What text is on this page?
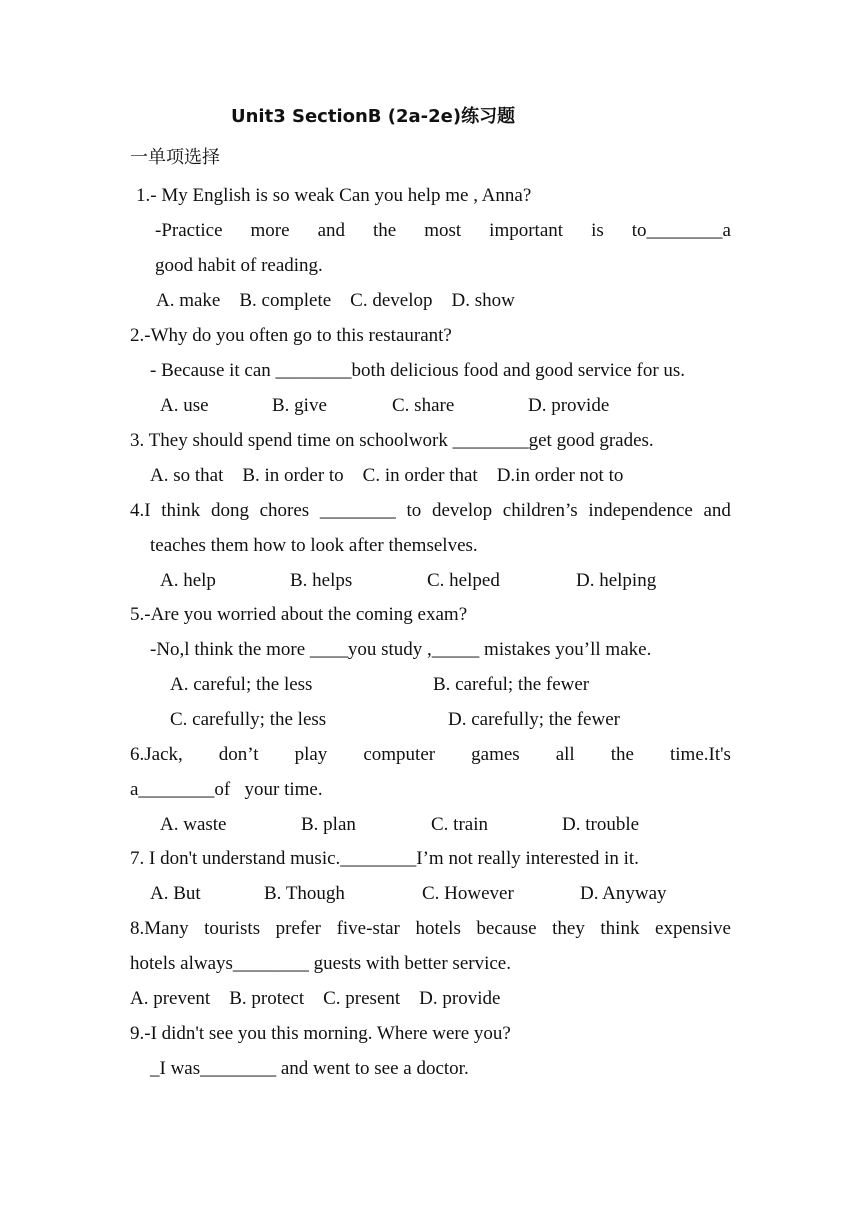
Unit3 SectionB (2a-2e)练习题
一单项选择
1.- My English is so weak Can you help me , Anna?
-Practice more and the most important is to________a
good habit of reading.
A. make    B. complete    C. develop    D. show
2.-Why do you often go to this restaurant?
- Because it can ________both delicious food and good service for us.
A. use	B. give	C. share	D. provide
3. They should spend time on schoolwork ________get good grades.
A. so that    B. in order to    C. in order that    D.in order not to
4.I think dong chores ________ to develop children’s independence and
teaches them how to look after themselves.
A. help	B. helps	C. helped	D. helping
5.-Are you worried about the coming exam?
-No,l think the more ____you study ,_____ mistakes you’ll make.
A. careful; the less	B. careful; the fewer
C. carefully; the less	D. carefully; the fewer
6.Jack, don’t play computer games all the time.It's
a________of   your time.
A. waste	B. plan	C. train	D. trouble
7. I don't understand music.________I’m not really interested in it.
A. But	B. Though	C. However	D. Anyway
8.Many tourists prefer five-star hotels because they think expensive
hotels always________ guests with better service.
A. prevent    B. protect    C. present    D. provide
9.-I didn't see you this morning. Where were you?
_I was________ and went to see a doctor.
